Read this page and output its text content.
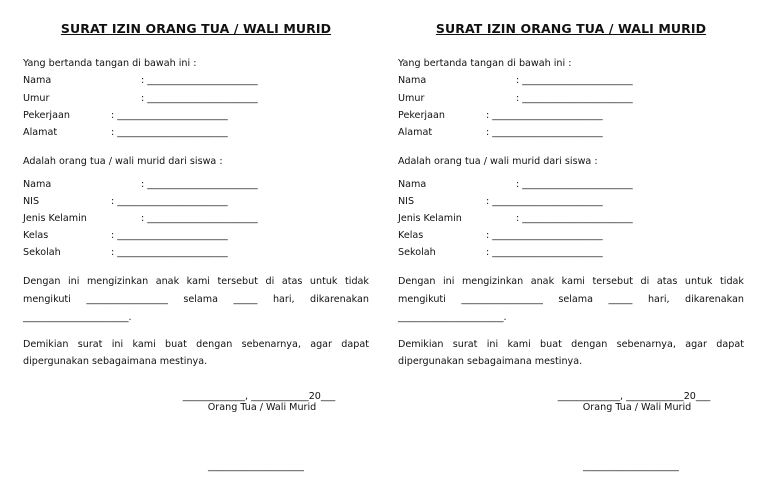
SURAT IZIN ORANG TUA / WALI MURID
Yang bertanda tangan di bawah ini :
Nama	: _______________________
Umur	: _______________________
Pekerjaan	: _______________________
Alamat	: _______________________
Adalah orang tua / wali murid dari siswa :
Nama	: _______________________
NIS	: _______________________
Jenis Kelamin	: _______________________
Kelas	: _______________________
Sekolah	: _______________________
Dengan ini mengizinkan anak kami tersebut di atas untuk tidak
mengikuti _________________ selama _____ hari, dikarenakan
______________________.
Demikian surat ini kami buat dengan sebenarnya, agar dapat
dipergunakan sebagaimana mestinya.
_____________, ____________20___
Orang Tua / Wali Murid
____________________
SURAT IZIN ORANG TUA / WALI MURID
Yang bertanda tangan di bawah ini :
Nama	: _______________________
Umur	: _______________________
Pekerjaan	: _______________________
Alamat	: _______________________
Adalah orang tua / wali murid dari siswa :
Nama	: _______________________
NIS	: _______________________
Jenis Kelamin	: _______________________
Kelas	: _______________________
Sekolah	: _______________________
Dengan ini mengizinkan anak kami tersebut di atas untuk tidak
mengikuti _________________ selama _____ hari, dikarenakan
______________________.
Demikian surat ini kami buat dengan sebenarnya, agar dapat
dipergunakan sebagaimana mestinya.
_____________, ____________20___
Orang Tua / Wali Murid
____________________
